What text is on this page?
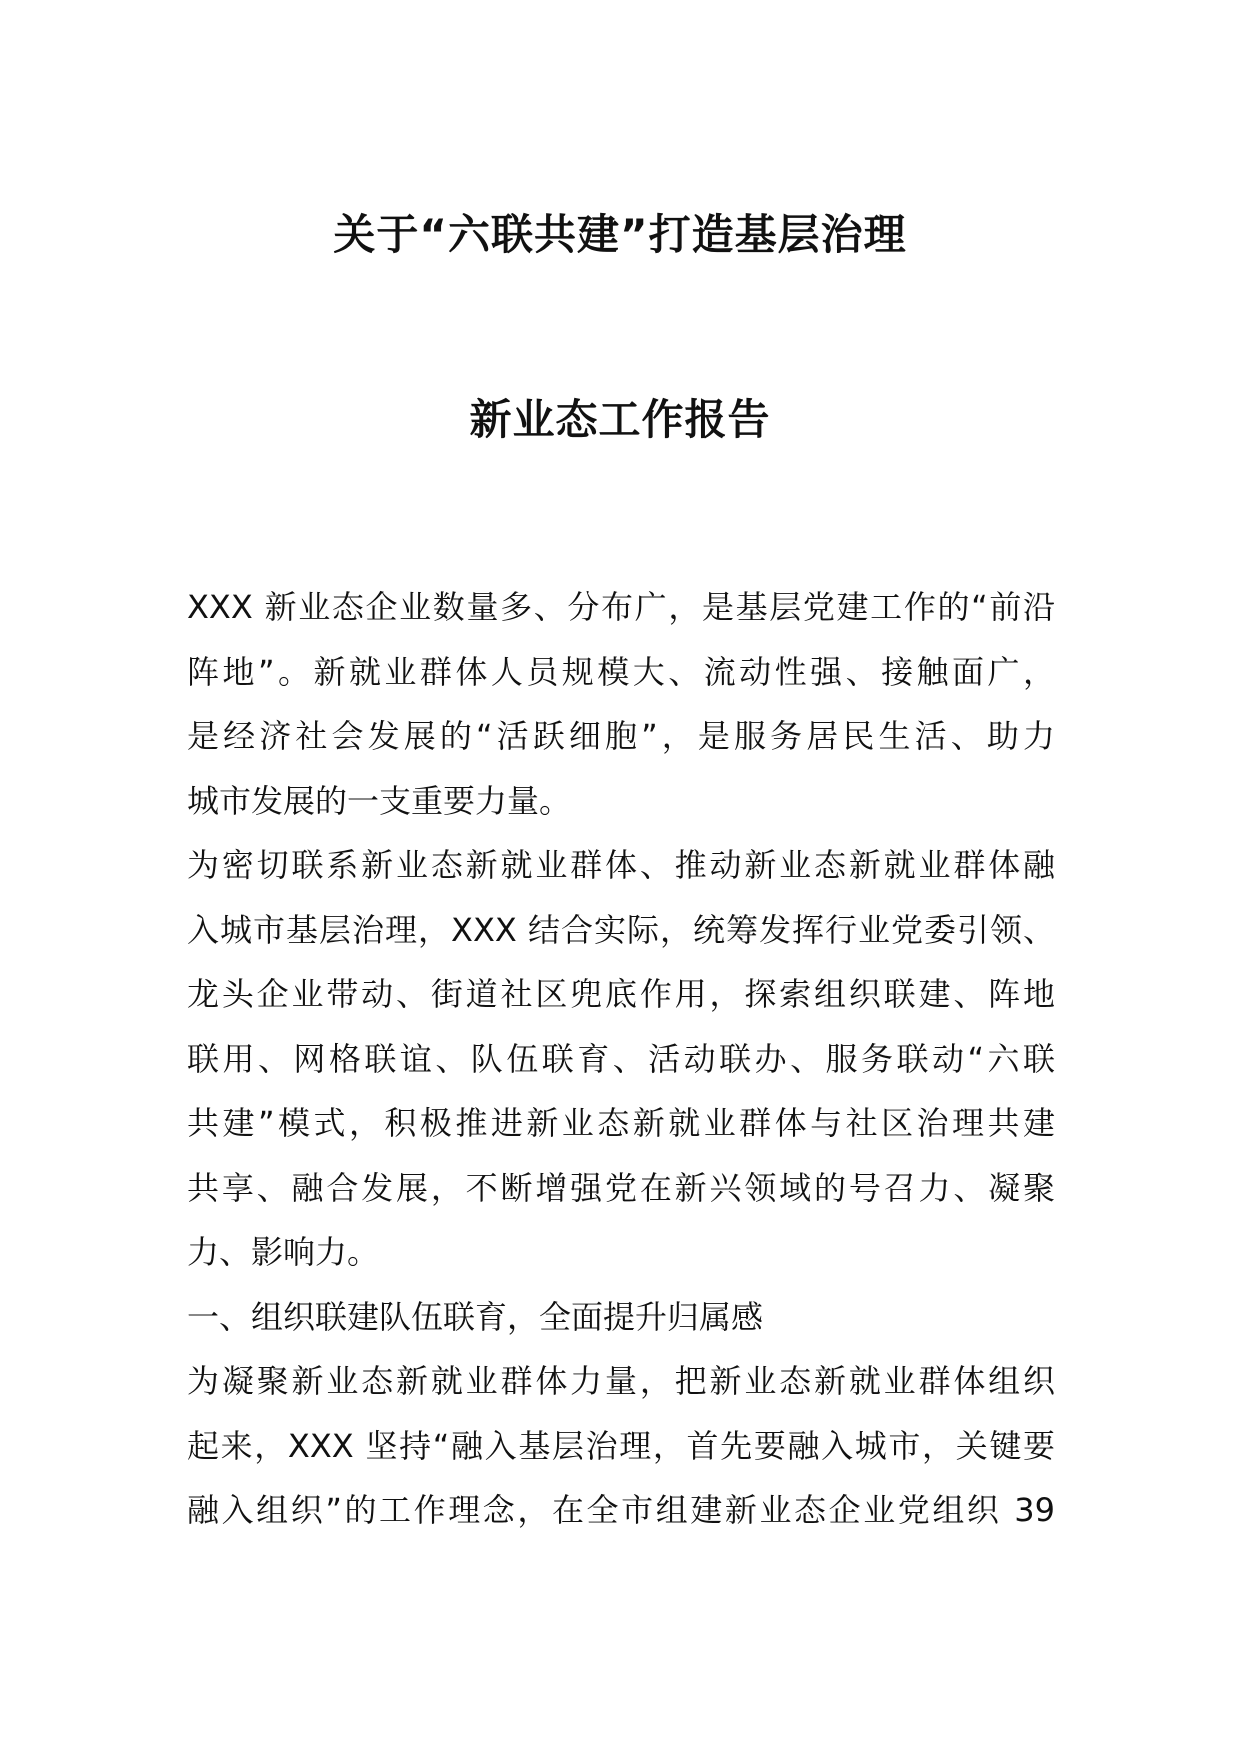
关于“六联共建”打造基层治理
新业态工作报告

XXX 新业态企业数量多、分布广，是基层党建工作的“前沿

阵地”。新就业群体人员规模大、流动性强、接触面广，

是经济社会发展的“活跃细胞”，是服务居民生活、助力

城市发展的一支重要力量。

为密切联系新业态新就业群体、推动新业态新就业群体融

入城市基层治理，XXX 结合实际，统筹发挥行业党委引领、

龙头企业带动、街道社区兜底作用，探索组织联建、阵地

联用、网格联谊、队伍联育、活动联办、服务联动“六联

共建”模式，积极推进新业态新就业群体与社区治理共建

共享、融合发展，不断增强党在新兴领域的号召力、凝聚

力、影响力。

一、组织联建队伍联育，全面提升归属感

为凝聚新业态新就业群体力量，把新业态新就业群体组织

起来，XXX 坚持“融入基层治理，首先要融入城市，关键要

融入组织”的工作理念，在全市组建新业态企业党组织 39
